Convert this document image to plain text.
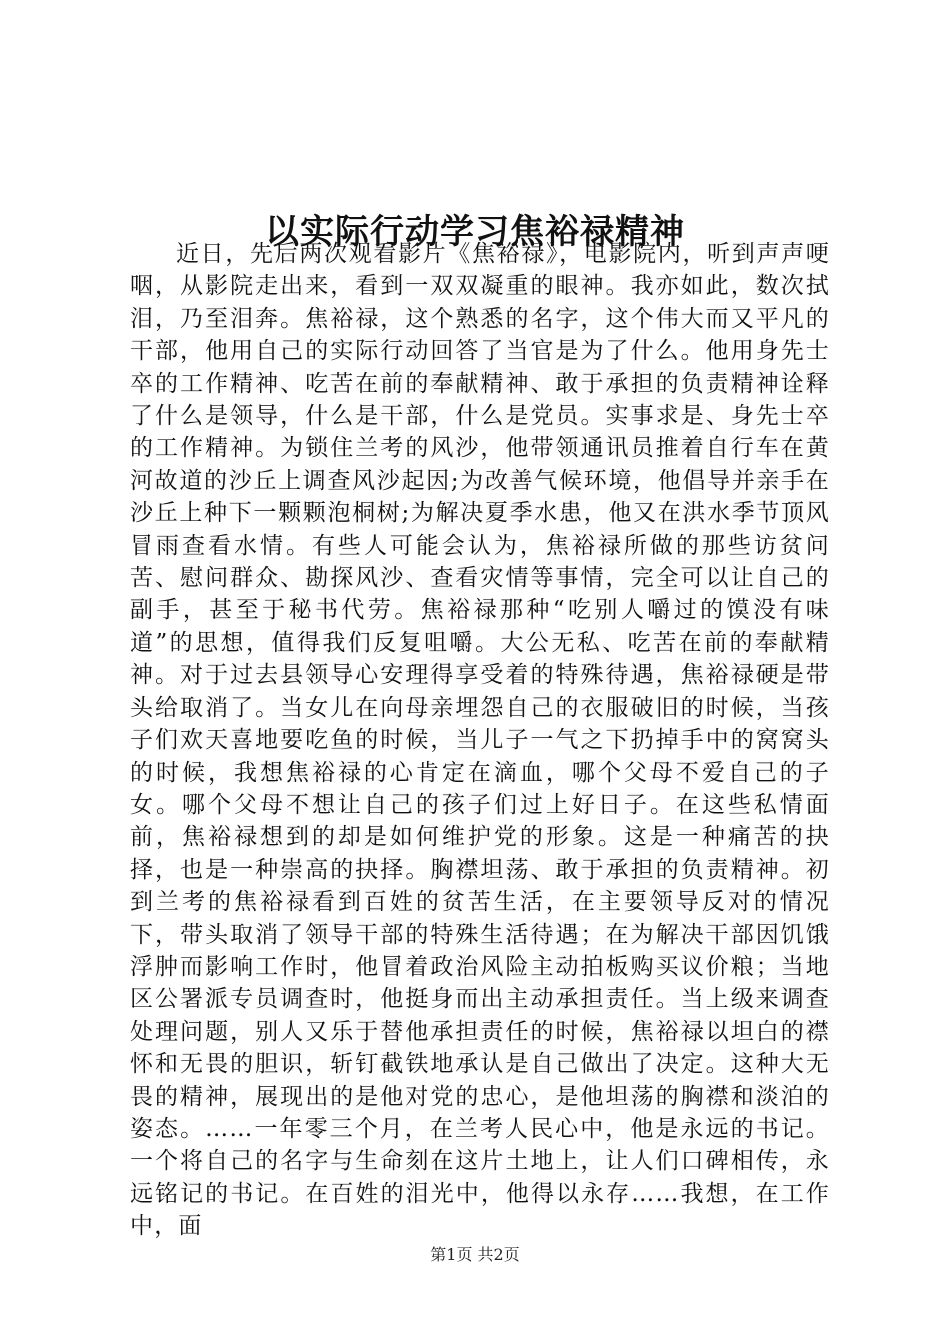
以实际行动学习焦裕禄精神

近日，先后两次观看影片《焦裕禄》，电影院内，听到声声哽咽，从影院走出来，看到一双双凝重的眼神。我亦如此，数次拭泪，乃至泪奔。焦裕禄，这个熟悉的名字，这个伟大而又平凡的干部，他用自己的实际行动回答了当官是为了什么。他用身先士卒的工作精神、吃苦在前的奉献精神、敢于承担的负责精神诠释了什么是领导，什么是干部，什么是党员。实事求是、身先士卒的工作精神。为锁住兰考的风沙，他带领通讯员推着自行车在黄河故道的沙丘上调查风沙起因;为改善气候环境，他倡导并亲手在沙丘上种下一颗颗泡桐树;为解决夏季水患，他又在洪水季节顶风冒雨查看水情。有些人可能会认为，焦裕禄所做的那些访贫问苦、慰问群众、勘探风沙、查看灾情等事情，完全可以让自己的副手，甚至于秘书代劳。焦裕禄那种“吃别人嚼过的馍没有味道”的思想，值得我们反复咀嚼。大公无私、吃苦在前的奉献精神。对于过去县领导心安理得享受着的特殊待遇，焦裕禄硬是带头给取消了。当女儿在向母亲埋怨自己的衣服破旧的时候，当孩子们欢天喜地要吃鱼的时候，当儿子一气之下扔掉手中的窝窝头的时候，我想焦裕禄的心肯定在滴血，哪个父母不爱自己的子女。哪个父母不想让自己的孩子们过上好日子。在这些私情面前，焦裕禄想到的却是如何维护党的形象。这是一种痛苦的抉择，也是一种崇高的抉择。胸襟坦荡、敢于承担的负责精神。初到兰考的焦裕禄看到百姓的贫苦生活，在主要领导反对的情况下，带头取消了领导干部的特殊生活待遇；在为解决干部因饥饿浮肿而影响工作时，他冒着政治风险主动拍板购买议价粮；当地区公署派专员调查时，他挺身而出主动承担责任。当上级来调查处理问题，别人又乐于替他承担责任的时候，焦裕禄以坦白的襟怀和无畏的胆识，斩钉截铁地承认是自己做出了决定。这种大无畏的精神，展现出的是他对党的忠心，是他坦荡的胸襟和淡泊的姿态。……一年零三个月，在兰考人民心中，他是永远的书记。一个将自己的名字与生命刻在这片土地上，让人们口碑相传，永远铭记的书记。在百姓的泪光中，他得以永存……我想，在工作中，面

第1页 共2页
